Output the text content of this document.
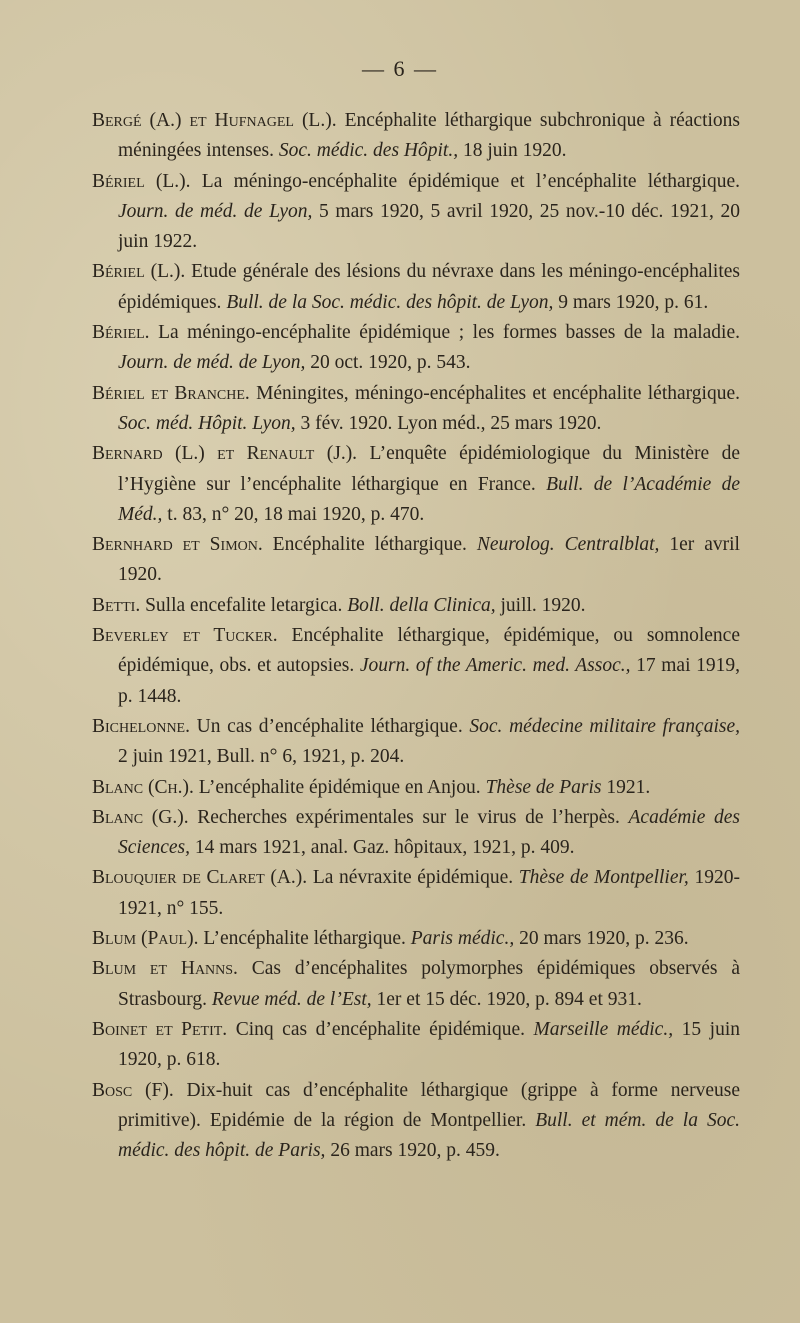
— 6 —
Bergé (A.) et Hufnagel (L.). Encéphalite léthargique subchronique à réactions méningées intenses. Soc. médic. des Hôpit., 18 juin 1920.
Bériel (L.). La méningo-encéphalite épidémique et l’encéphalite léthargique. Journ. de méd. de Lyon, 5 mars 1920, 5 avril 1920, 25 nov.-10 déc. 1921, 20 juin 1922.
Bériel (L.). Etude générale des lésions du névraxe dans les méningo-encéphalites épidémiques. Bull. de la Soc. médic. des hôpit. de Lyon, 9 mars 1920, p. 61.
Bériel. La méningo-encéphalite épidémique ; les formes basses de la maladie. Journ. de méd. de Lyon, 20 oct. 1920, p. 543.
Bériel et Branche. Méningites, méningo-encéphalites et encéphalite léthargique. Soc. méd. Hôpit. Lyon, 3 fév. 1920. Lyon méd., 25 mars 1920.
Bernard (L.) et Renault (J.). L’enquête épidémiologique du Ministère de l’Hygiène sur l’encéphalite léthargique en France. Bull. de l’Académie de Méd., t. 83, n° 20, 18 mai 1920, p. 470.
Bernhard et Simon. Encéphalite léthargique. Neurolog. Centralblat, 1er avril 1920.
Betti. Sulla encefalite letargica. Boll. della Clinica, juill. 1920.
Beverley et Tucker. Encéphalite léthargique, épidémique, ou somnolence épidémique, obs. et autopsies. Journ. of the Americ. med. Assoc., 17 mai 1919, p. 1448.
Bichelonne. Un cas d’encéphalite léthargique. Soc. médecine militaire française, 2 juin 1921, Bull. n° 6, 1921, p. 204.
Blanc (Ch.). L’encéphalite épidémique en Anjou. Thèse de Paris 1921.
Blanc (G.). Recherches expérimentales sur le virus de l’herpès. Académie des Sciences, 14 mars 1921, anal. Gaz. hôpitaux, 1921, p. 409.
Blouquier de Claret (A.). La névraxite épidémique. Thèse de Montpellier, 1920-1921, n° 155.
Blum (Paul). L’encéphalite léthargique. Paris médic., 20 mars 1920, p. 236.
Blum et Hanns. Cas d’encéphalites polymorphes épidémiques observés à Strasbourg. Revue méd. de l’Est, 1er et 15 déc. 1920, p. 894 et 931.
Boinet et Petit. Cinq cas d’encéphalite épidémique. Marseille médic., 15 juin 1920, p. 618.
Bosc (F). Dix-huit cas d’encéphalite léthargique (grippe à forme nerveuse primitive). Epidémie de la région de Montpellier. Bull. et mém. de la Soc. médic. des hôpit. de Paris, 26 mars 1920, p. 459.
